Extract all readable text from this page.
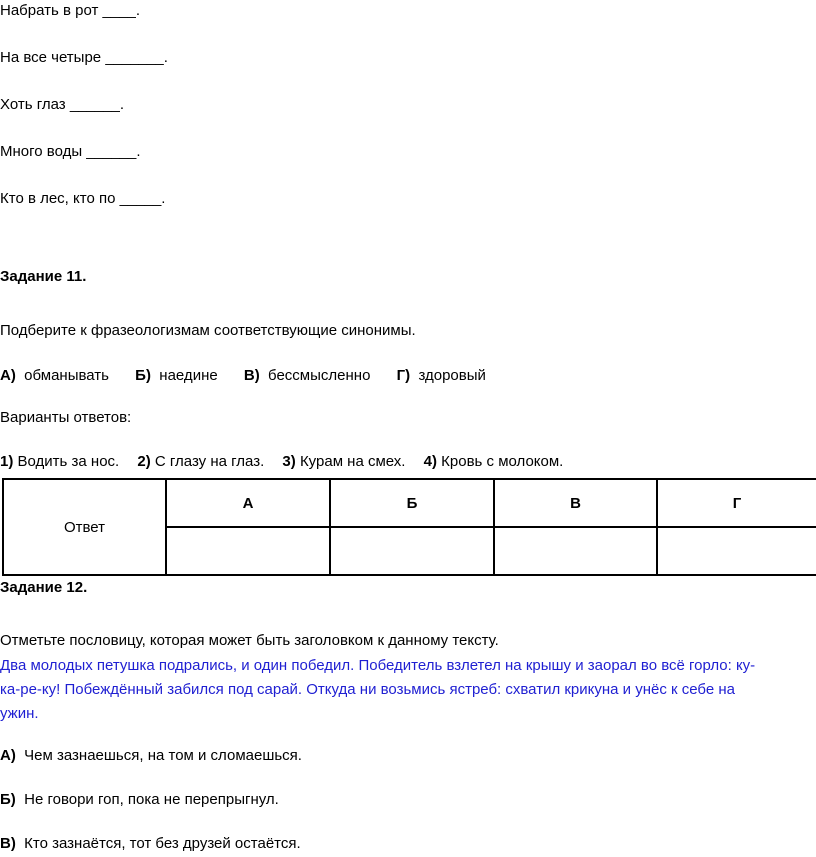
Набрать в рот ____.
На все четыре _______.
Хоть глаз ______.
Много воды ______.
Кто в лес, кто по _____.
Задание 11.
Подберите к фразеологизмам соответствующие синонимы.
А) обманывать Б) наедине В) бессмысленно Г) здоровый
Варианты ответов:
1) Водить за нос. 2) С глазу на глаз. 3) Курам на смех. 4) Кровь с молоком.
Ответ	А	Б	В	Г

Задание 12.
Отметьте пословицу, которая может быть заголовком к данному тексту.
Два молодых петушка подрались, и один победил. Победитель взлетел на крышу и заорал во всё горло: ку-
ка-ре-ку! Побеждённый забился под сарай. Откуда ни возьмись ястреб: схватил крикуна и унёс к себе на
ужин.
А) Чем зазнаешься, на том и сломаешься.
Б) Не говори гоп, пока не перепрыгнул.
В) Кто зазнаётся, тот без друзей остаётся.
